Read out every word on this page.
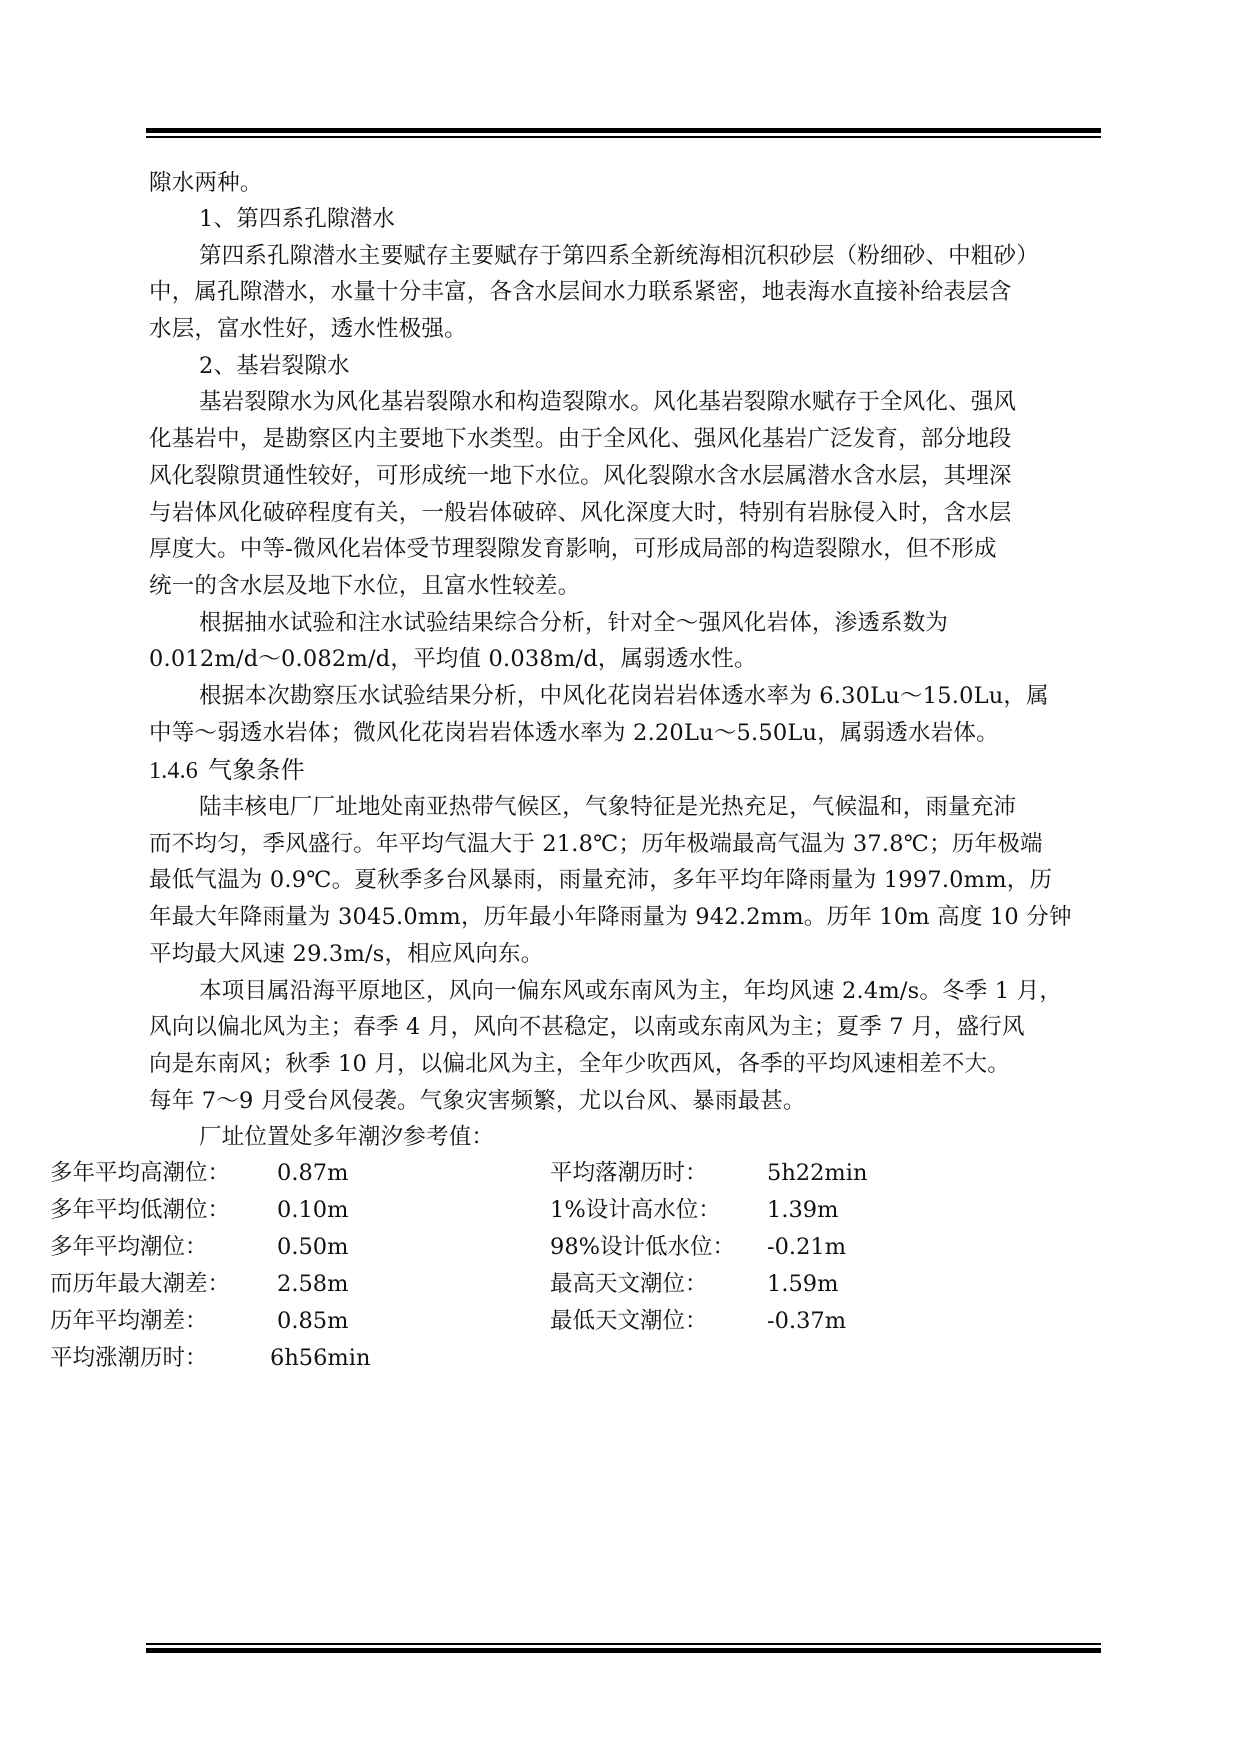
隙水两种。
1、第四系孔隙潜水
第四系孔隙潜水主要赋存主要赋存于第四系全新统海相沉积砂层（粉细砂、中粗砂）
中，属孔隙潜水，水量十分丰富，各含水层间水力联系紧密，地表海水直接补给表层含
水层，富水性好，透水性极强。
2、基岩裂隙水
基岩裂隙水为风化基岩裂隙水和构造裂隙水。风化基岩裂隙水赋存于全风化、强风
化基岩中，是勘察区内主要地下水类型。由于全风化、强风化基岩广泛发育，部分地段
风化裂隙贯通性较好，可形成统一地下水位。风化裂隙水含水层属潜水含水层，其埋深
与岩体风化破碎程度有关，一般岩体破碎、风化深度大时，特别有岩脉侵入时，含水层
厚度大。中等-微风化岩体受节理裂隙发育影响，可形成局部的构造裂隙水，但不形成
统一的含水层及地下水位，且富水性较差。
根据抽水试验和注水试验结果综合分析，针对全～强风化岩体，渗透系数为
0.012m/d～0.082m/d，平均值 0.038m/d，属弱透水性。
根据本次勘察压水试验结果分析，中风化花岗岩岩体透水率为 6.30Lu～15.0Lu，属
中等～弱透水岩体；微风化花岗岩岩体透水率为 2.20Lu～5.50Lu，属弱透水岩体。
1.4.6 气象条件
陆丰核电厂厂址地处南亚热带气候区，气象特征是光热充足，气候温和，雨量充沛
而不均匀，季风盛行。年平均气温大于 21.8℃；历年极端最高气温为 37.8℃；历年极端
最低气温为 0.9℃。夏秋季多台风暴雨，雨量充沛，多年平均年降雨量为 1997.0mm，历
年最大年降雨量为 3045.0mm，历年最小年降雨量为 942.2mm。历年 10m 高度 10 分钟
平均最大风速 29.3m/s，相应风向东。
本项目属沿海平原地区，风向一偏东风或东南风为主，年均风速 2.4m/s。冬季 1 月，
风向以偏北风为主；春季 4 月，风向不甚稳定，以南或东南风为主；夏季 7 月，盛行风
向是东南风；秋季 10 月，以偏北风为主，全年少吹西风，各季的平均风速相差不大。
每年 7～9 月受台风侵袭。气象灾害频繁，尤以台风、暴雨最甚。
厂址位置处多年潮汐参考值：
多年平均高潮位： 0.87m	平均落潮历时：	5h22min
多年平均低潮位： 0.10m	1%设计高水位： 1.39m
多年平均潮位：	0.50m	98%设计低水位： -0.21m
而历年最大潮差： 2.58m	最高天文潮位：	1.59m
历年平均潮差：	0.85m	最低天文潮位：	-0.37m
平均涨潮历时：	6h56min
